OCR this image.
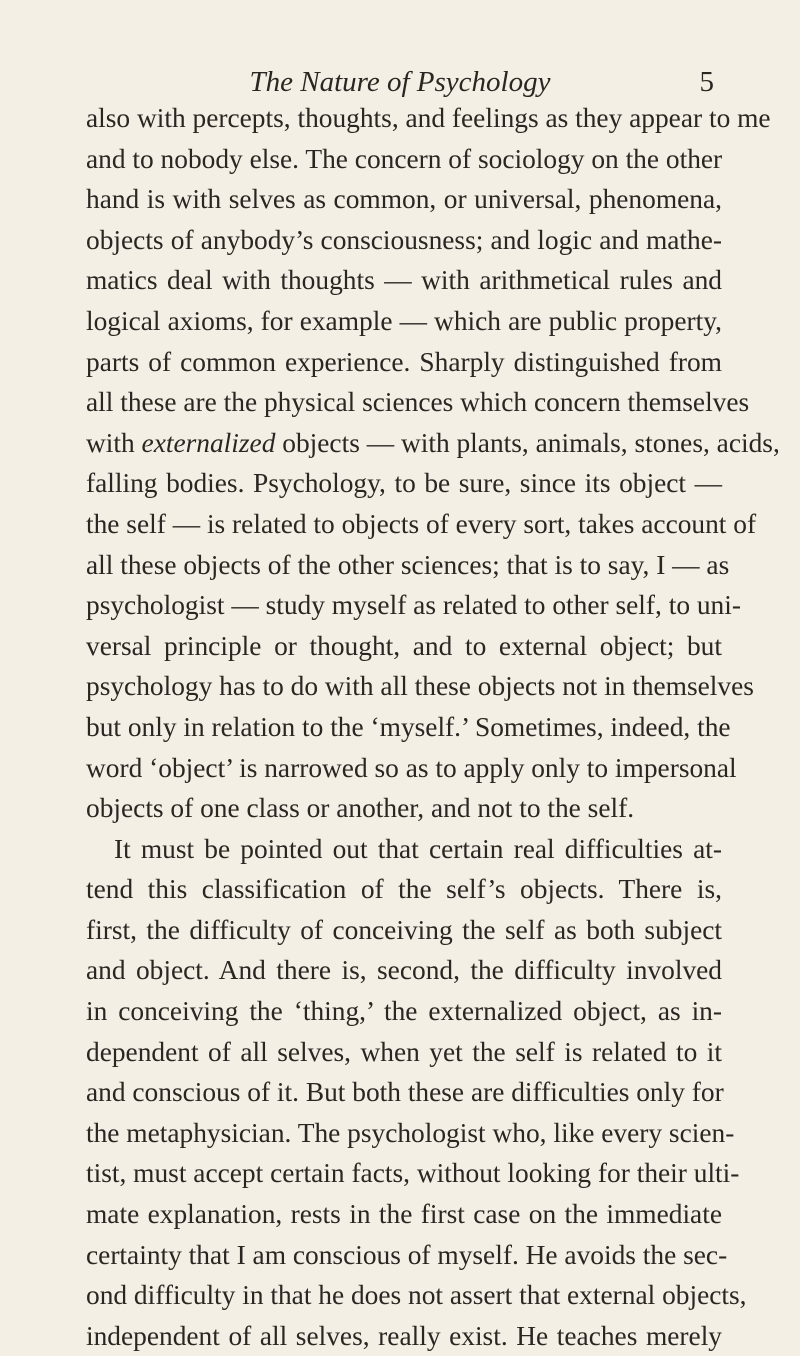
The Nature of Psychology	5
also with percepts, thoughts, and feelings as they appear to me
and to nobody else. The concern of sociology on the other
hand is with selves as common, or universal, phenomena,
objects of anybody’s consciousness; and logic and mathe-
matics deal with thoughts — with arithmetical rules and
logical axioms, for example — which are public property,
parts of common experience. Sharply distinguished from
all these are the physical sciences which concern themselves
with externalized objects — with plants, animals, stones, acids,
falling bodies. Psychology, to be sure, since its object —
the self — is related to objects of every sort, takes account of
all these objects of the other sciences; that is to say, I — as
psychologist — study myself as related to other self, to uni-
versal principle or thought, and to external object; but
psychology has to do with all these objects not in themselves
but only in relation to the ‘myself.’ Sometimes, indeed, the
word ‘object’ is narrowed so as to apply only to impersonal
objects of one class or another, and not to the self.
It must be pointed out that certain real difficulties at-
tend this classification of the self’s objects. There is,
first, the difficulty of conceiving the self as both subject
and object. And there is, second, the difficulty involved
in conceiving the ‘thing,’ the externalized object, as in-
dependent of all selves, when yet the self is related to it
and conscious of it. But both these are difficulties only for
the metaphysician. The psychologist who, like every scien-
tist, must accept certain facts, without looking for their ulti-
mate explanation, rests in the first case on the immediate
certainty that I am conscious of myself. He avoids the sec-
ond difficulty in that he does not assert that external objects,
independent of all selves, really exist. He teaches merely
